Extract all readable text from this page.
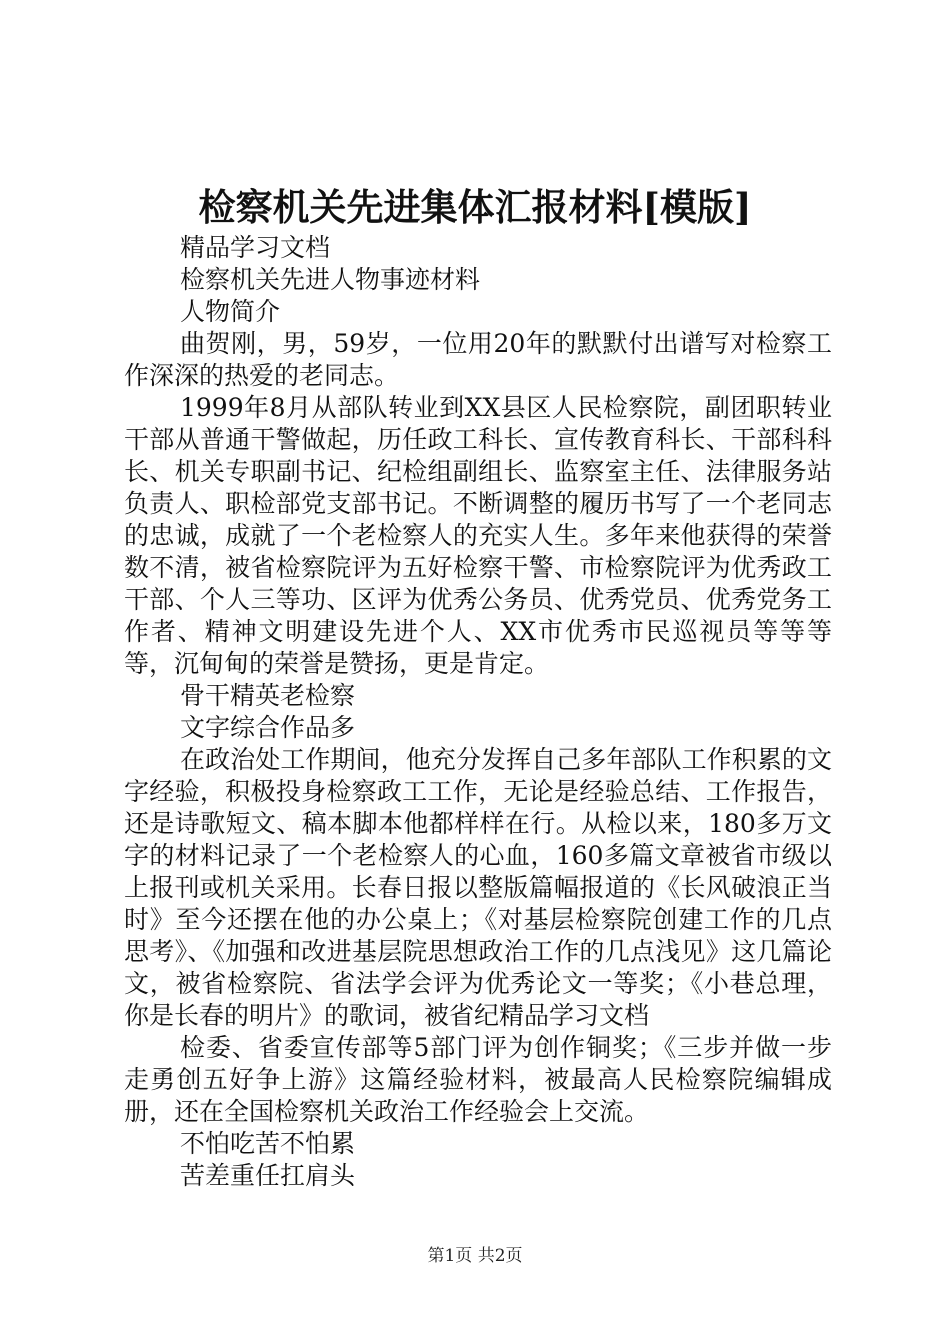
检察机关先进集体汇报材料[模版]

精品学习文档

检察机关先进人物事迹材料

人物简介

曲贺刚，男，59岁，一位用20年的默默付出谱写对检察工作深深的热爱的老同志。

1999年8月从部队转业到XX县区人民检察院，副团职转业干部从普通干警做起，历任政工科长、宣传教育科长、干部科科长、机关专职副书记、纪检组副组长、监察室主任、法律服务站负责人、职检部党支部书记。不断调整的履历书写了一个老同志的忠诚，成就了一个老检察人的充实人生。多年来他获得的荣誉数不清，被省检察院评为五好检察干警、市检察院评为优秀政工干部、个人三等功、区评为优秀公务员、优秀党员、优秀党务工作者、精神文明建设先进个人、XX市优秀市民巡视员等等等等，沉甸甸的荣誉是赞扬，更是肯定。

骨干精英老检察

文字综合作品多

在政治处工作期间，他充分发挥自己多年部队工作积累的文字经验，积极投身检察政工工作，无论是经验总结、工作报告，还是诗歌短文、稿本脚本他都样样在行。从检以来，180多万文字的材料记录了一个老检察人的心血，160多篇文章被省市级以上报刊或机关采用。长春日报以整版篇幅报道的《长风破浪正当时》至今还摆在他的办公桌上；《对基层检察院创建工作的几点思考》、《加强和改进基层院思想政治工作的几点浅见》这几篇论文，被省检察院、省法学会评为优秀论文一等奖；《小巷总理，你是长春的明片》的歌词，被省纪精品学习文档

检委、省委宣传部等5部门评为创作铜奖；《三步并做一步走勇创五好争上游》这篇经验材料，被最高人民检察院编辑成册，还在全国检察机关政治工作经验会上交流。

不怕吃苦不怕累

苦差重任扛肩头

第1页 共2页
